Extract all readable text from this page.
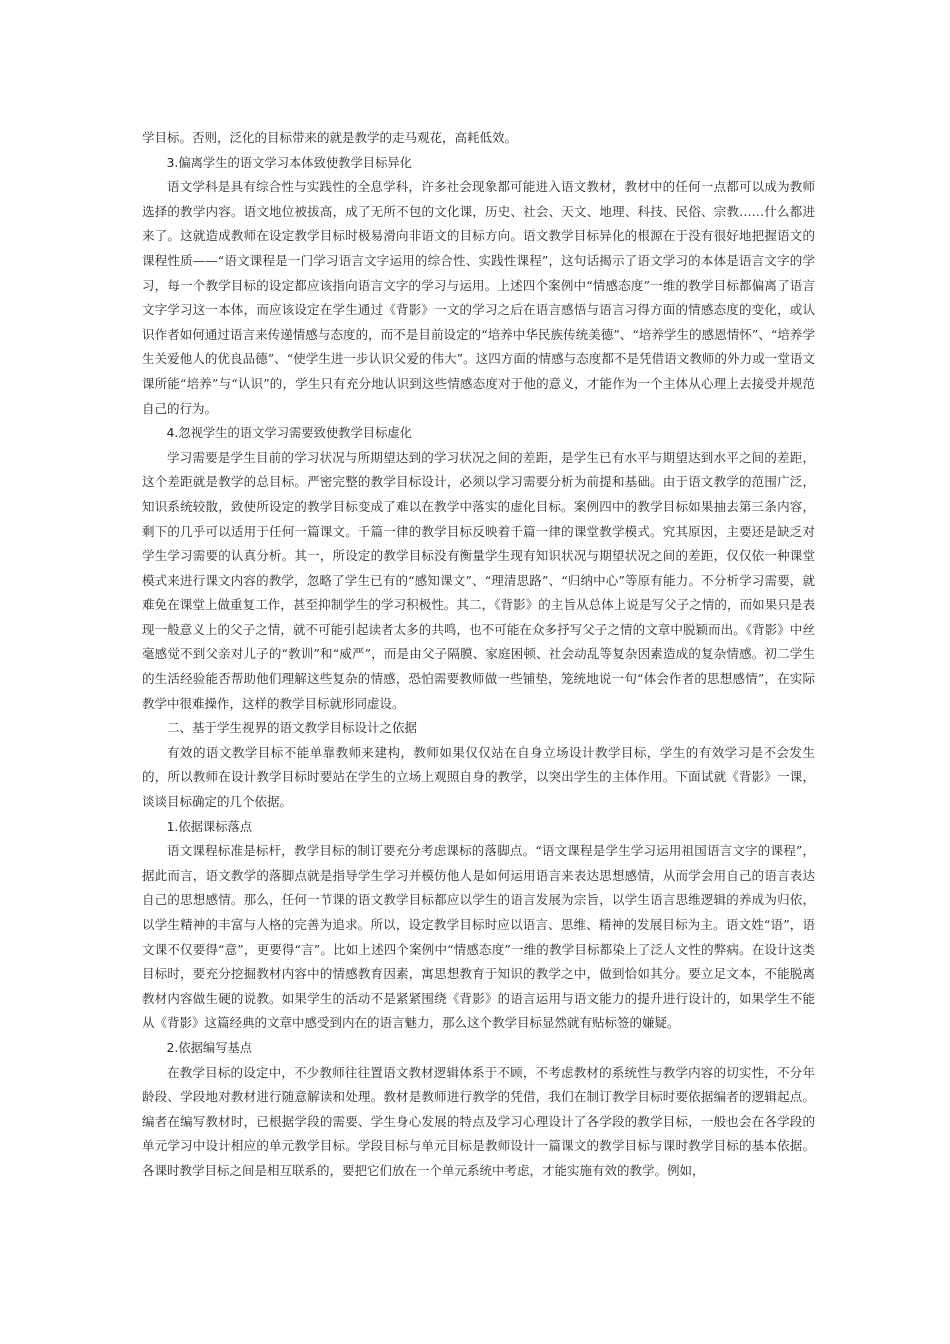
学目标。否则，泛化的目标带来的就是教学的走马观花，高耗低效。

3.偏离学生的语文学习本体致使教学目标异化

语文学科是具有综合性与实践性的全息学科，许多社会现象都可能进入语文教材，教材中的任何一点都可以成为教师选择的教学内容。语文地位被拔高，成了无所不包的文化课，历史、社会、天文、地理、科技、民俗、宗教……什么都进来了。这就造成教师在设定教学目标时极易滑向非语文的目标方向。语文教学目标异化的根源在于没有很好地把握语文的课程性质——“语文课程是一门学习语言文字运用的综合性、实践性课程”，这句话揭示了语文学习的本体是语言文字的学习，每一个教学目标的设定都应该指向语言文字的学习与运用。上述四个案例中“情感态度”一维的教学目标都偏离了语言文字学习这一本体，而应该设定在学生通过《背影》一文的学习之后在语言感悟与语言习得方面的情感态度的变化，或认识作者如何通过语言来传递情感与态度的，而不是目前设定的“培养中华民族传统美德”、“培养学生的感恩情怀”、“培养学生关爱他人的优良品德”、“使学生进一步认识父爱的伟大”。这四方面的情感与态度都不是凭借语文教师的外力或一堂语文课所能“培养”与“认识”的，学生只有充分地认识到这些情感态度对于他的意义，才能作为一个主体从心理上去接受并规范自己的行为。

4.忽视学生的语文学习需要致使教学目标虚化

学习需要是学生目前的学习状况与所期望达到的学习状况之间的差距，是学生已有水平与期望达到水平之间的差距，这个差距就是教学的总目标。严密完整的教学目标设计，必须以学习需要分析为前提和基础。由于语文教学的范围广泛，知识系统较散，致使所设定的教学目标变成了难以在教学中落实的虚化目标。案例四中的教学目标如果抽去第三条内容，剩下的几乎可以适用于任何一篇课文。千篇一律的教学目标反映着千篇一律的课堂教学模式。究其原因，主要还是缺乏对学生学习需要的认真分析。其一，所设定的教学目标没有衡量学生现有知识状况与期望状况之间的差距，仅仅依一种课堂模式来进行课文内容的教学，忽略了学生已有的“感知课文”、“理清思路”、“归纳中心”等原有能力。不分析学习需要，就难免在课堂上做重复工作，甚至抑制学生的学习积极性。其二，《背影》的主旨从总体上说是写父子之情的，而如果只是表现一般意义上的父子之情，就不可能引起读者太多的共鸣，也不可能在众多抒写父子之情的文章中脱颖而出。《背影》中丝毫感觉不到父亲对儿子的“教训”和“威严”，而是由父子隔膜、家庭困顿、社会动乱等复杂因素造成的复杂情感。初二学生的生活经验能否帮助他们理解这些复杂的情感，恐怕需要教师做一些铺垫，笼统地说一句“体会作者的思想感情”，在实际教学中很难操作，这样的教学目标就形同虚设。

二、基于学生视界的语文教学目标设计之依据

有效的语文教学目标不能单靠教师来建构，教师如果仅仅站在自身立场设计教学目标，学生的有效学习是不会发生的，所以教师在设计教学目标时要站在学生的立场上观照自身的教学，以突出学生的主体作用。下面试就《背影》一课，谈谈目标确定的几个依据。

1.依据课标落点

语文课程标准是标杆，教学目标的制订要充分考虑课标的落脚点。“语文课程是学生学习运用祖国语言文字的课程”，据此而言，语文教学的落脚点就是指导学生学习并模仿他人是如何运用语言来表达思想感情，从而学会用自己的语言表达自己的思想感情。那么，任何一节课的语文教学目标都应以学生的语言发展为宗旨，以学生语言思维逻辑的养成为归依，以学生精神的丰富与人格的完善为追求。所以，设定教学目标时应以语言、思维、精神的发展目标为主。语文姓“语”，语文课不仅要得“意”，更要得“言”。比如上述四个案例中“情感态度”一维的教学目标都染上了泛人文性的弊病。在设计这类目标时，要充分挖掘教材内容中的情感教育因素，寓思想教育于知识的教学之中，做到恰如其分。要立足文本，不能脱离教材内容做生硬的说教。如果学生的活动不是紧紧围绕《背影》的语言运用与语文能力的提升进行设计的，如果学生不能从《背影》这篇经典的文章中感受到内在的语言魅力，那么这个教学目标显然就有贴标签的嫌疑。

2.依据编写基点

在教学目标的设定中，不少教师往往置语文教材逻辑体系于不顾，不考虑教材的系统性与教学内容的切实性，不分年龄段、学段地对教材进行随意解读和处理。教材是教师进行教学的凭借，我们在制订教学目标时要依据编者的逻辑起点。编者在编写教材时，已根据学段的需要、学生身心发展的特点及学习心理设计了各学段的教学目标，一般也会在各学段的单元学习中设计相应的单元教学目标。学段目标与单元目标是教师设计一篇课文的教学目标与课时教学目标的基本依据。各课时教学目标之间是相互联系的，要把它们放在一个单元系统中考虑，才能实施有效的教学。例如，
